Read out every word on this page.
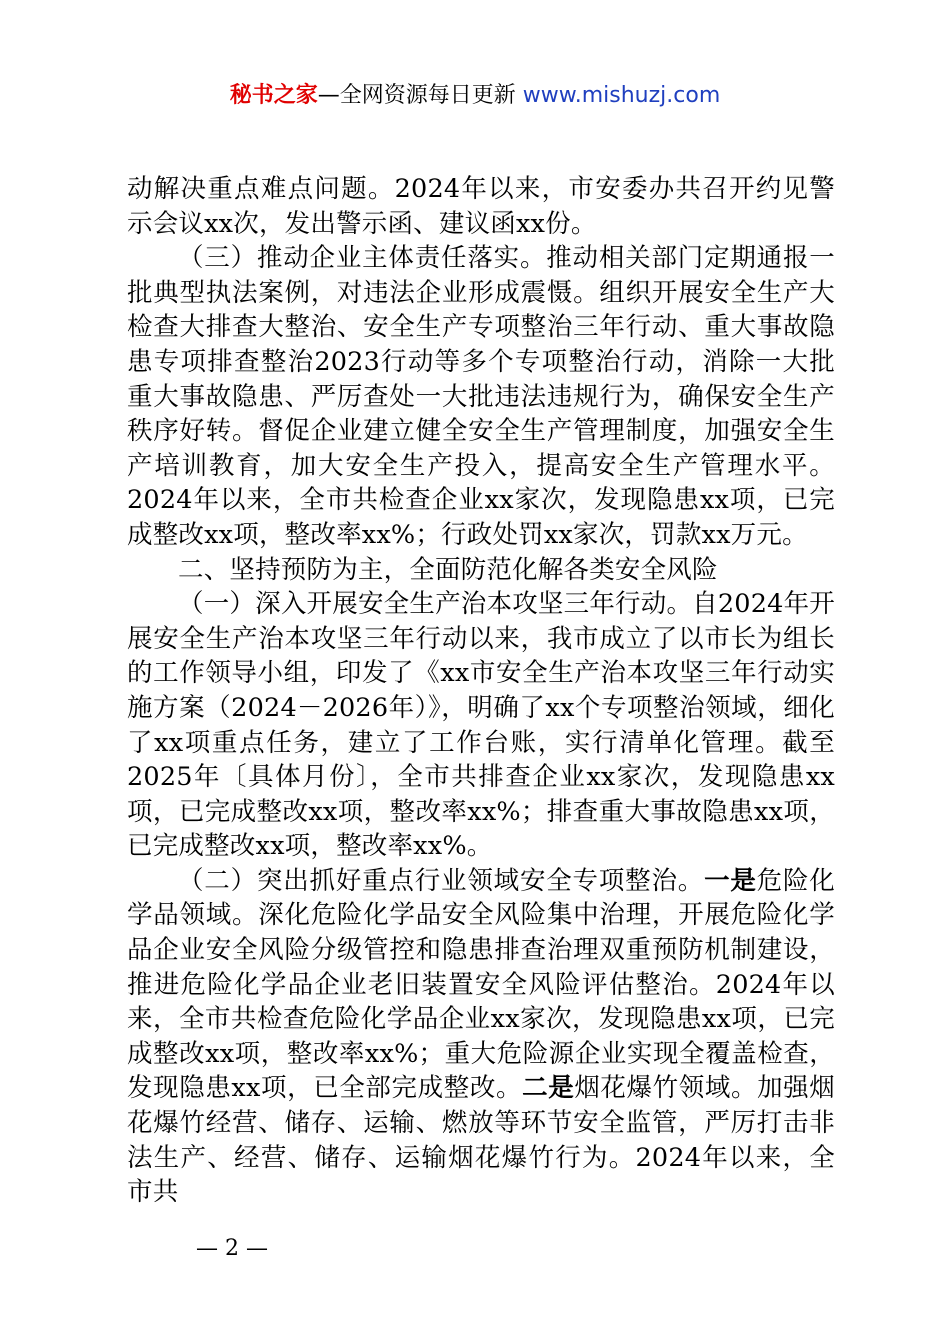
秘书之家—全网资源每日更新 www.mishuzj.com

动解决重点难点问题。2024年以来，市安委办共召开约见警示会议xx次，发出警示函、建议函xx份。

（三）推动企业主体责任落实。推动相关部门定期通报一批典型执法案例，对违法企业形成震慑。组织开展安全生产大检查大排查大整治、安全生产专项整治三年行动、重大事故隐患专项排查整治2023行动等多个专项整治行动，消除一大批重大事故隐患、严厉查处一大批违法违规行为，确保安全生产秩序好转。督促企业建立健全安全生产管理制度，加强安全生产培训教育，加大安全生产投入，提高安全生产管理水平。2024年以来，全市共检查企业xx家次，发现隐患xx项，已完成整改xx项，整改率xx%；行政处罚xx家次，罚款xx万元。

二、坚持预防为主，全面防范化解各类安全风险

（一）深入开展安全生产治本攻坚三年行动。自2024年开展安全生产治本攻坚三年行动以来，我市成立了以市长为组长的工作领导小组，印发了《xx市安全生产治本攻坚三年行动实施方案（2024－2026年）》，明确了xx个专项整治领域，细化了xx项重点任务，建立了工作台账，实行清单化管理。截至2025年〔具体月份〕，全市共排查企业xx家次，发现隐患xx项，已完成整改xx项，整改率xx%；排查重大事故隐患xx项，已完成整改xx项，整改率xx%。

（二）突出抓好重点行业领域安全专项整治。一是危险化学品领域。深化危险化学品安全风险集中治理，开展危险化学品企业安全风险分级管控和隐患排查治理双重预防机制建设，推进危险化学品企业老旧装置安全风险评估整治。2024年以来，全市共检查危险化学品企业xx家次，发现隐患xx项，已完成整改xx项，整改率xx%；重大危险源企业实现全覆盖检查，发现隐患xx项，已全部完成整改。二是烟花爆竹领域。加强烟花爆竹经营、储存、运输、燃放等环节安全监管，严厉打击非法生产、经营、储存、运输烟花爆竹行为。2024年以来，全市共

— 2 —
